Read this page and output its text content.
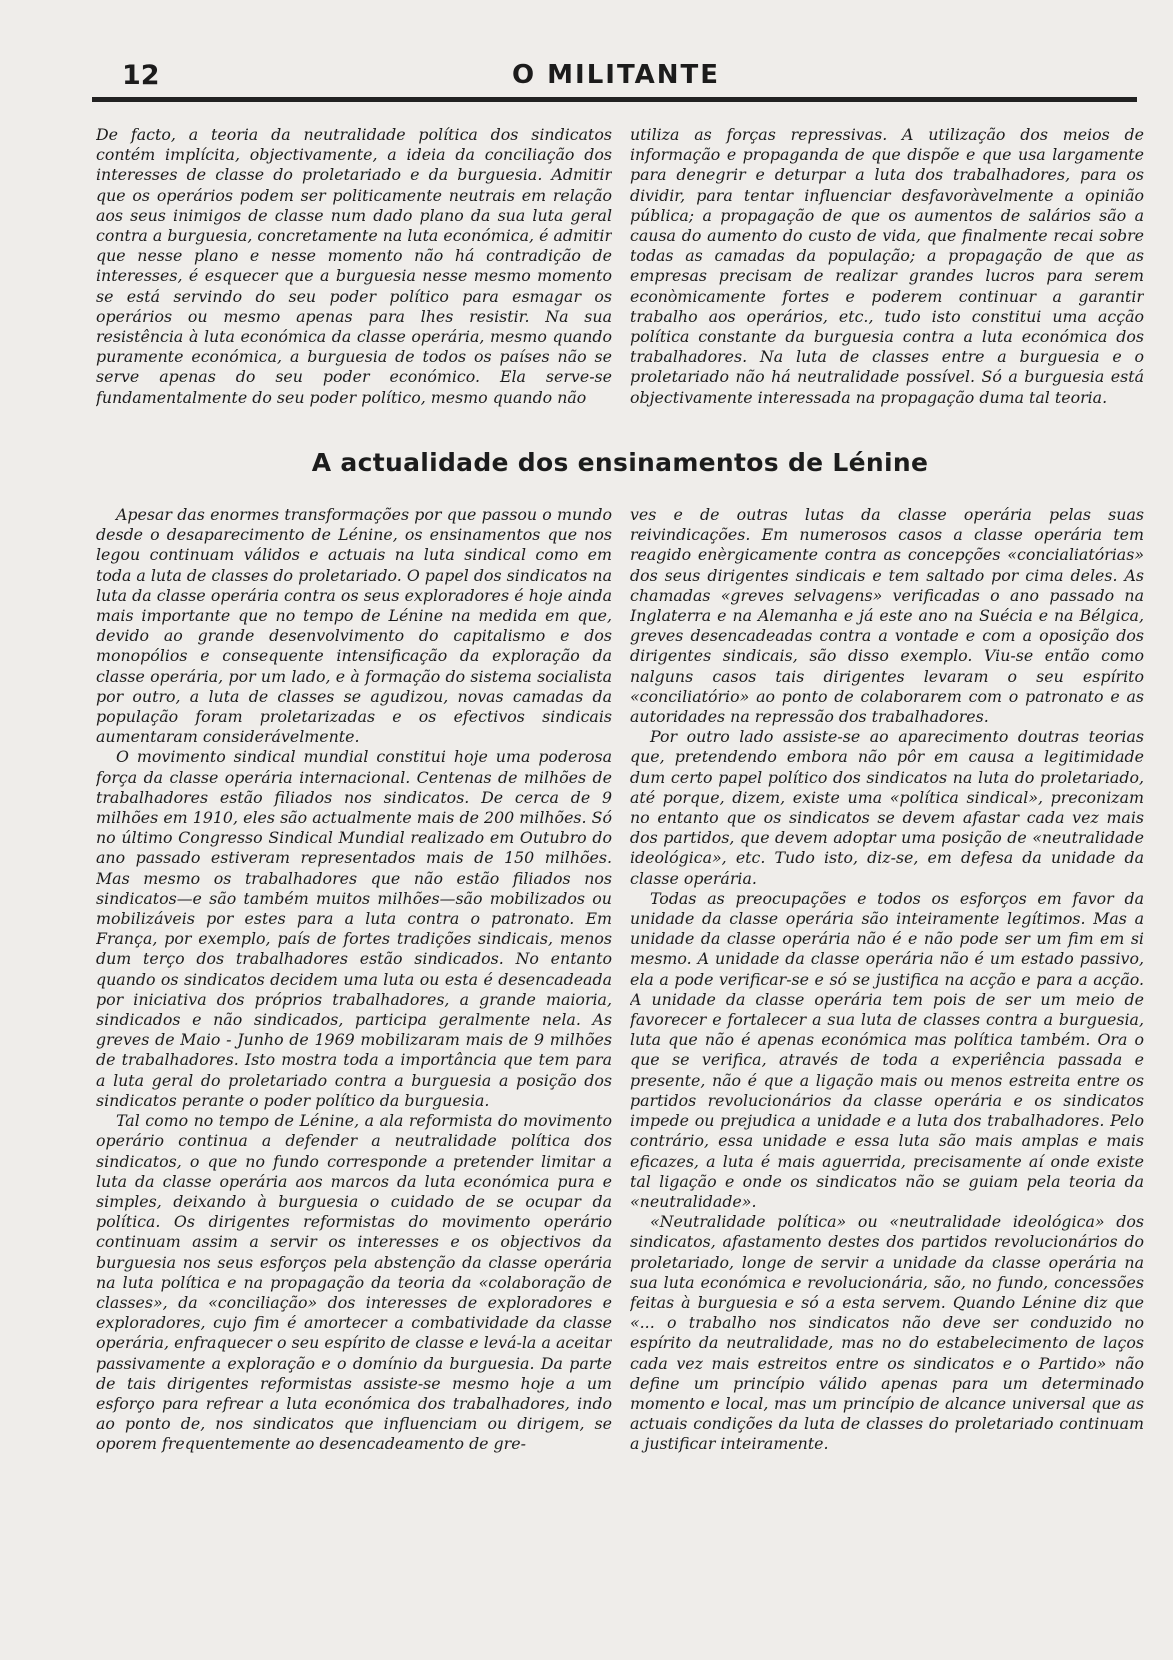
12	O MILITANTE

De facto, a teoria da neutralidade política dos sindicatos contém implícita, objectivamente, a ideia da conciliação dos interesses de classe do proletariado e da burguesia. Admitir que os operários podem ser politicamente neutrais em relação aos seus inimigos de classe num dado plano da sua luta geral contra a burguesia, concretamente na luta económica, é admitir que nesse plano e nesse momento não há contradição de interesses, é esquecer que a burguesia nesse mesmo momento se está servindo do seu poder político para esmagar os operários ou mesmo apenas para lhes resistir. Na sua resistência à luta económica da classe operária, mesmo quando puramente económica, a burguesia de todos os países não se serve apenas do seu poder económico. Ela serve-se fundamentalmente do seu poder político, mesmo quando não

utiliza as forças repressivas. A utilização dos meios de informação e propaganda de que dispõe e que usa largamente para denegrir e deturpar a luta dos trabalhadores, para os dividir, para tentar influenciar desfavoràvelmente a opinião pública; a propagação de que os aumentos de salários são a causa do aumento do custo de vida, que finalmente recai sobre todas as camadas da população; a propagação de que as empresas precisam de realizar grandes lucros para serem econòmicamente fortes e poderem continuar a garantir trabalho aos operários, etc., tudo isto constitui uma acção política constante da burguesia contra a luta económica dos trabalhadores. Na luta de classes entre a burguesia e o proletariado não há neutralidade possível. Só a burguesia está objectivamente interessada na propagação duma tal teoria.

A actualidade dos ensinamentos de Lénine

Apesar das enormes transformações por que passou o mundo desde o desaparecimento de Lénine, os ensinamentos que nos legou continuam válidos e actuais na luta sindical como em toda a luta de classes do proletariado. O papel dos sindicatos na luta da classe operária contra os seus exploradores é hoje ainda mais importante que no tempo de Lénine na medida em que, devido ao grande desenvolvimento do capitalismo e dos monopólios e consequente intensificação da exploração da classe operária, por um lado, e à formação do sistema socialista por outro, a luta de classes se agudizou, novas camadas da população foram proletarizadas e os efectivos sindicais aumentaram considerávelmente.

O movimento sindical mundial constitui hoje uma poderosa força da classe operária internacional. Centenas de milhões de trabalhadores estão filiados nos sindicatos. De cerca de 9 milhões em 1910, eles são actualmente mais de 200 milhões. Só no último Congresso Sindical Mundial realizado em Outubro do ano passado estiveram representados mais de 150 milhões. Mas mesmo os trabalhadores que não estão filiados nos sindicatos—e são também muitos milhões—são mobilizados ou mobilizáveis por estes para a luta contra o patronato. Em França, por exemplo, país de fortes tradições sindicais, menos dum terço dos trabalhadores estão sindicados. No entanto quando os sindicatos decidem uma luta ou esta é desencadeada por iniciativa dos próprios trabalhadores, a grande maioria, sindicados e não sindicados, participa geralmente nela. As greves de Maio - Junho de 1969 mobilizaram mais de 9 milhões de trabalhadores. Isto mostra toda a importância que tem para a luta geral do proletariado contra a burguesia a posição dos sindicatos perante o poder político da burguesia.

Tal como no tempo de Lénine, a ala reformista do movimento operário continua a defender a neutralidade política dos sindicatos, o que no fundo corresponde a pretender limitar a luta da classe operária aos marcos da luta económica pura e simples, deixando à burguesia o cuidado de se ocupar da política. Os dirigentes reformistas do movimento operário continuam assim a servir os interesses e os objectivos da burguesia nos seus esforços pela abstenção da classe operária na luta política e na propagação da teoria da «colaboração de classes», da «conciliação» dos interesses de exploradores e exploradores, cujo fim é amortecer a combatividade da classe operária, enfraquecer o seu espírito de classe e levá-la a aceitar passivamente a exploração e o domínio da burguesia. Da parte de tais dirigentes reformistas assiste-se mesmo hoje a um esforço para refrear a luta económica dos trabalhadores, indo ao ponto de, nos sindicatos que influenciam ou dirigem, se oporem frequentemente ao desencadeamento de gre-

ves e de outras lutas da classe operária pelas suas reivindicações. Em numerosos casos a classe operária tem reagido enèrgicamente contra as concepções «concialiatórias» dos seus dirigentes sindicais e tem saltado por cima deles. As chamadas «greves selvagens» verificadas o ano passado na Inglaterra e na Alemanha e já este ano na Suécia e na Bélgica, greves desencadeadas contra a vontade e com a oposição dos dirigentes sindicais, são disso exemplo. Viu-se então como nalguns casos tais dirigentes levaram o seu espírito «conciliatório» ao ponto de colaborarem com o patronato e as autoridades na repressão dos trabalhadores.

Por outro lado assiste-se ao aparecimento doutras teorias que, pretendendo embora não pôr em causa a legitimidade dum certo papel político dos sindicatos na luta do proletariado, até porque, dizem, existe uma «política sindical», preconizam no entanto que os sindicatos se devem afastar cada vez mais dos partidos, que devem adoptar uma posição de «neutralidade ideológica», etc. Tudo isto, diz-se, em defesa da unidade da classe operária.

Todas as preocupações e todos os esforços em favor da unidade da classe operária são inteiramente legítimos. Mas a unidade da classe operária não é e não pode ser um fim em si mesmo. A unidade da classe operária não é um estado passivo, ela a pode verificar-se e só se justifica na acção e para a acção. A unidade da classe operária tem pois de ser um meio de favorecer e fortalecer a sua luta de classes contra a burguesia, luta que não é apenas económica mas política também. Ora o que se verifica, através de toda a experiência passada e presente, não é que a ligação mais ou menos estreita entre os partidos revolucionários da classe operária e os sindicatos impede ou prejudica a unidade e a luta dos trabalhadores. Pelo contrário, essa unidade e essa luta são mais amplas e mais eficazes, a luta é mais aguerrida, precisamente aí onde existe tal ligação e onde os sindicatos não se guiam pela teoria da «neutralidade».

«Neutralidade política» ou «neutralidade ideológica» dos sindicatos, afastamento destes dos partidos revolucionários do proletariado, longe de servir a unidade da classe operária na sua luta económica e revolucionária, são, no fundo, concessões feitas à burguesia e só a esta servem. Quando Lénine diz que «... o trabalho nos sindicatos não deve ser conduzido no espírito da neutralidade, mas no do estabelecimento de laços cada vez mais estreitos entre os sindicatos e o Partido» não define um princípio válido apenas para um determinado momento e local, mas um princípio de alcance universal que as actuais condições da luta de classes do proletariado continuam a justificar inteiramente.
